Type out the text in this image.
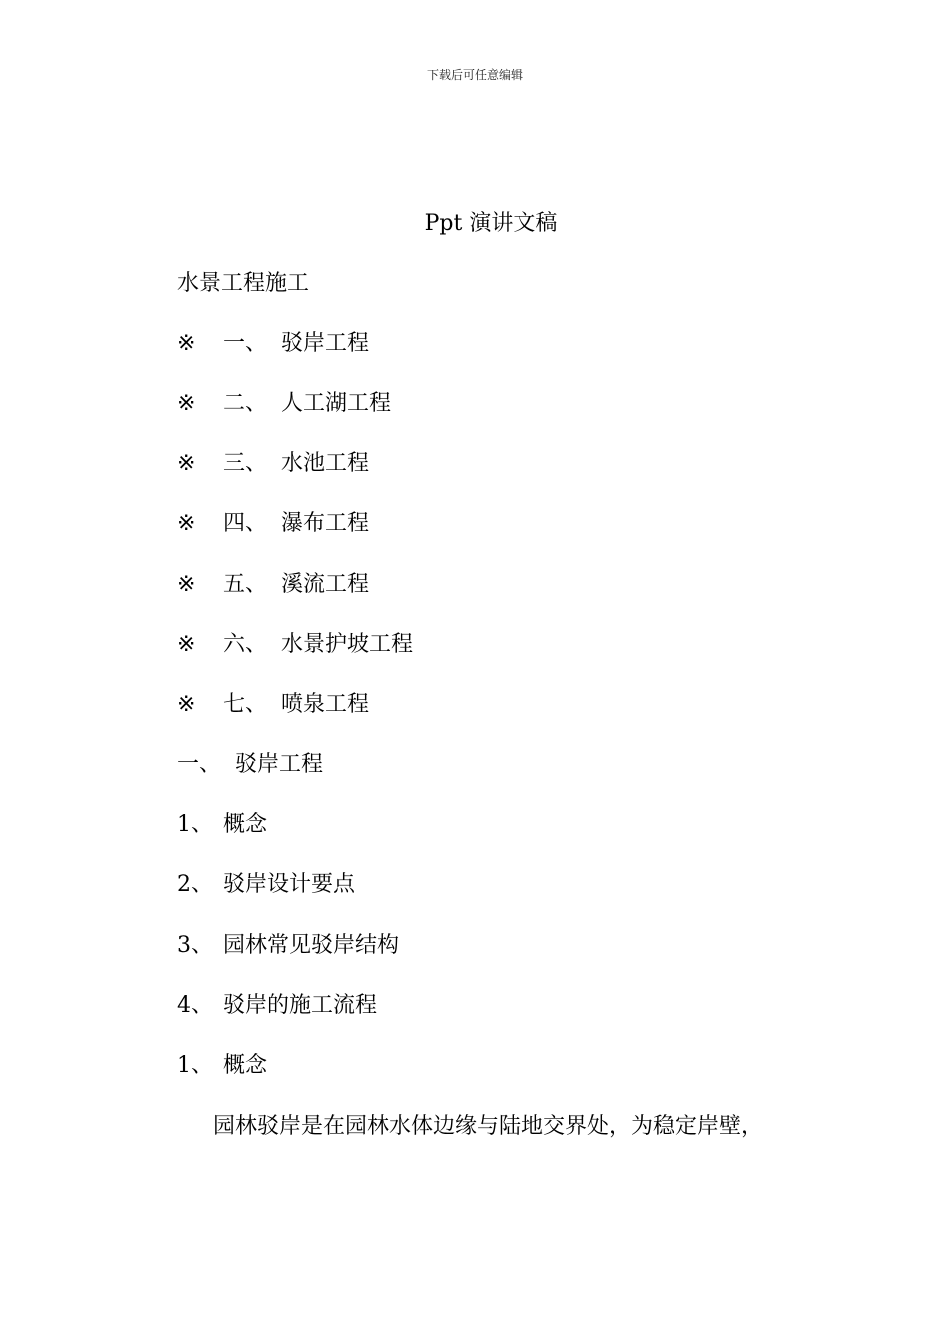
下载后可任意编辑
Ppt 演讲文稿
水景工程施工
※ 一、 驳岸工程
※ 二、 人工湖工程
※ 三、 水池工程
※ 四、 瀑布工程
※ 五、 溪流工程
※ 六、 水景护坡工程
※ 七、 喷泉工程
一、 驳岸工程
1、 概念
2、 驳岸设计要点
3、 园林常见驳岸结构
4、 驳岸的施工流程
1、 概念
园林驳岸是在园林水体边缘与陆地交界处，为稳定岸壁，
